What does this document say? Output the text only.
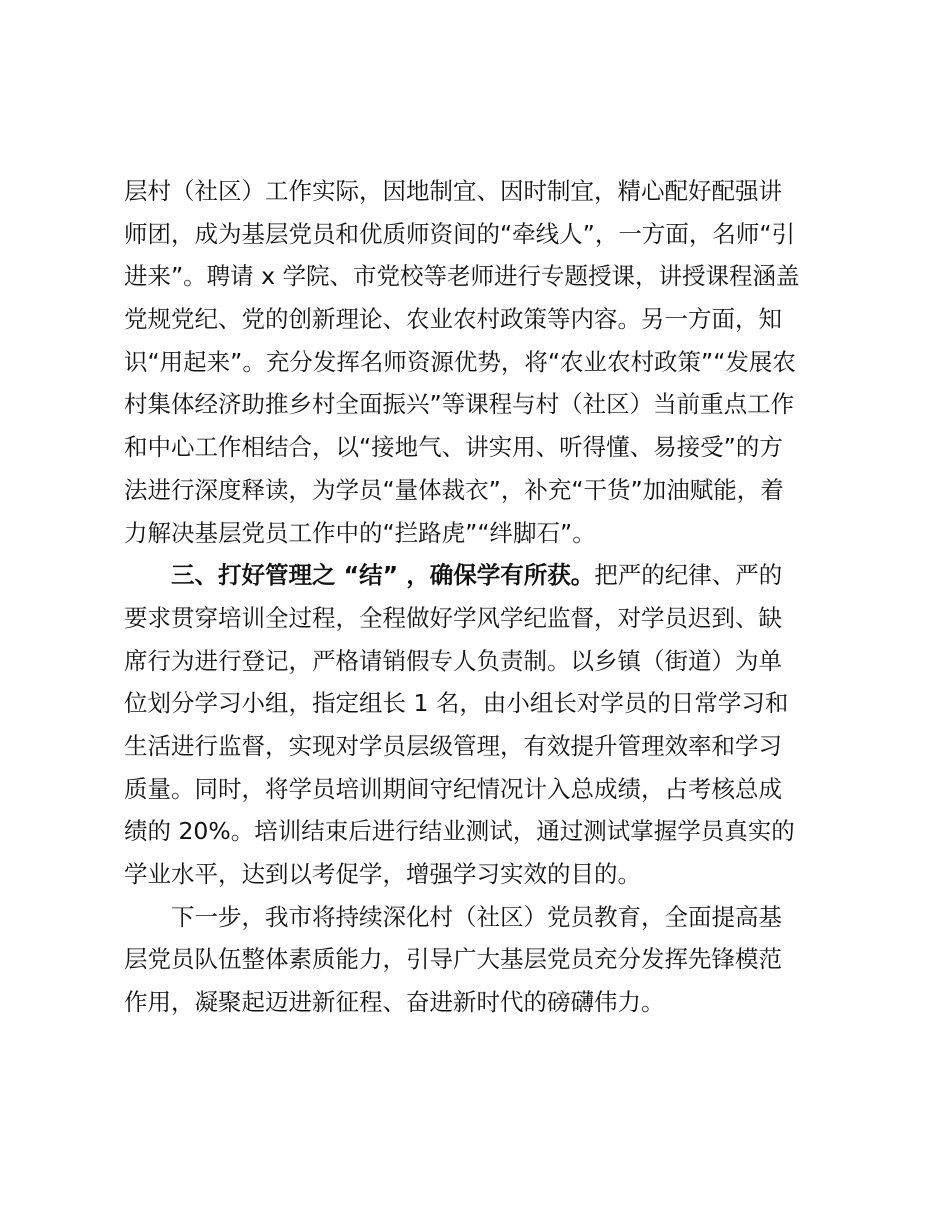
层村（社区）工作实际，因地制宜、因时制宜，精心配好配强讲
师团，成为基层党员和优质师资间的“牵线人”，一方面，名师“引
进来”。聘请 x 学院、市党校等老师进行专题授课，讲授课程涵盖
党规党纪、党的创新理论、农业农村政策等内容。另一方面，知
识“用起来”。充分发挥名师资源优势，将“农业农村政策”“发展农
村集体经济助推乡村全面振兴”等课程与村（社区）当前重点工作
和中心工作相结合，以“接地气、讲实用、听得懂、易接受”的方
法进行深度释读，为学员“量体裁衣”，补充“干货”加油赋能，着
力解决基层党员工作中的“拦路虎”“绊脚石”。
三、打好管理之 “结” ，确保学有所获。把严的纪律、严的
要求贯穿培训全过程，全程做好学风学纪监督，对学员迟到、缺
席行为进行登记，严格请销假专人负责制。以乡镇（街道）为单
位划分学习小组，指定组长 1 名，由小组长对学员的日常学习和
生活进行监督，实现对学员层级管理，有效提升管理效率和学习
质量。同时，将学员培训期间守纪情况计入总成绩，占考核总成
绩的 20%。培训结束后进行结业测试，通过测试掌握学员真实的
学业水平，达到以考促学，增强学习实效的目的。
下一步，我市将持续深化村（社区）党员教育，全面提高基
层党员队伍整体素质能力，引导广大基层党员充分发挥先锋模范
作用，凝聚起迈进新征程、奋进新时代的磅礴伟力。
